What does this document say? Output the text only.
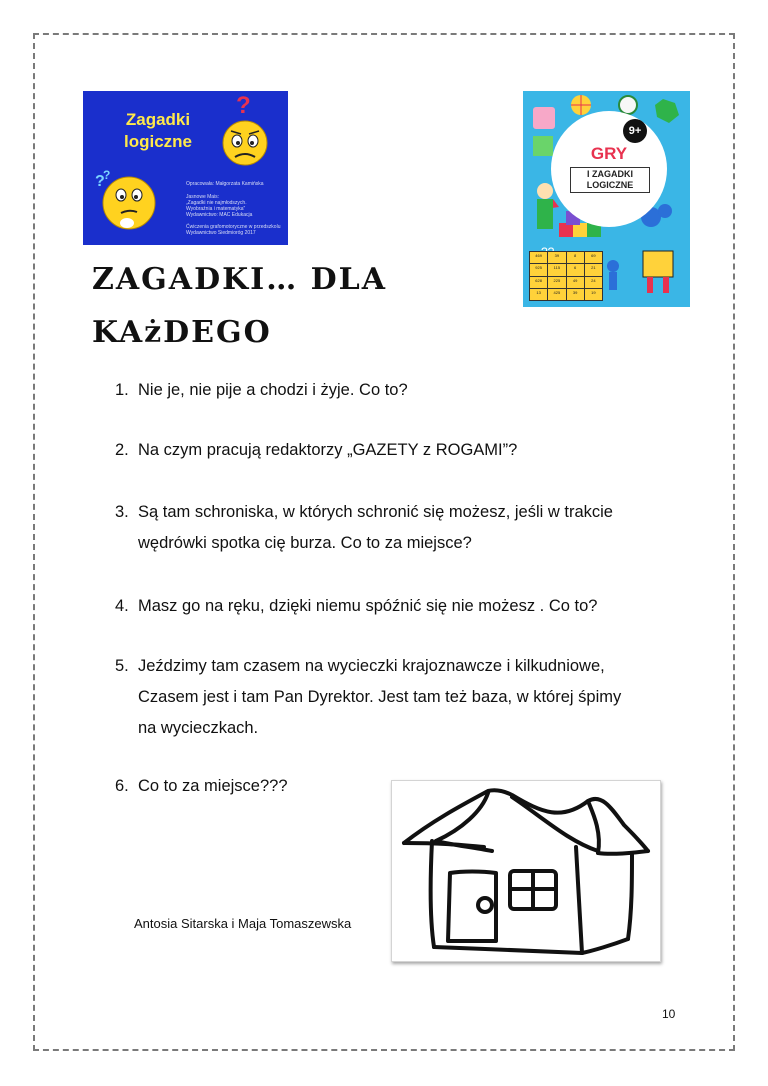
Zagadki
logiczne
?
?
?
Opracowała: Małgorzata Kamińska
Jasnowe Mais:
„Zagadki nie najmłodszych.
Wyobraźnia i matematyka”
Wydawnictwo: MAC Edukacja
Ćwiczenia grafomotoryczne w przedszkolu
Wydawnictwo Siedmioróg 2017
9+
GRY
I ZAGADKI
LOGICZNE
469	39	8	69
925	115	6	21
628	225	49	24
13	425	39	19
ZAGADKI… DLA
KAżDEGO
1. Nie je, nie pije a chodzi i żyje. Co to?
2. Na czym pracują redaktorzy „GAZETY z ROGAMI”?
3. Są tam schroniska, w których schronić się możesz, jeśli w trakcie
wędrówki spotka cię burza. Co to za miejsce?
4. Masz go na ręku, dzięki niemu spóźnić się nie możesz . Co to?
5. Jeździmy tam czasem na wycieczki krajoznawcze i kilkudniowe,
Czasem jest i tam Pan Dyrektor. Jest tam też baza, w której śpimy
na wycieczkach.
6. Co to za miejsce???
Antosia Sitarska i Maja Tomaszewska
10
